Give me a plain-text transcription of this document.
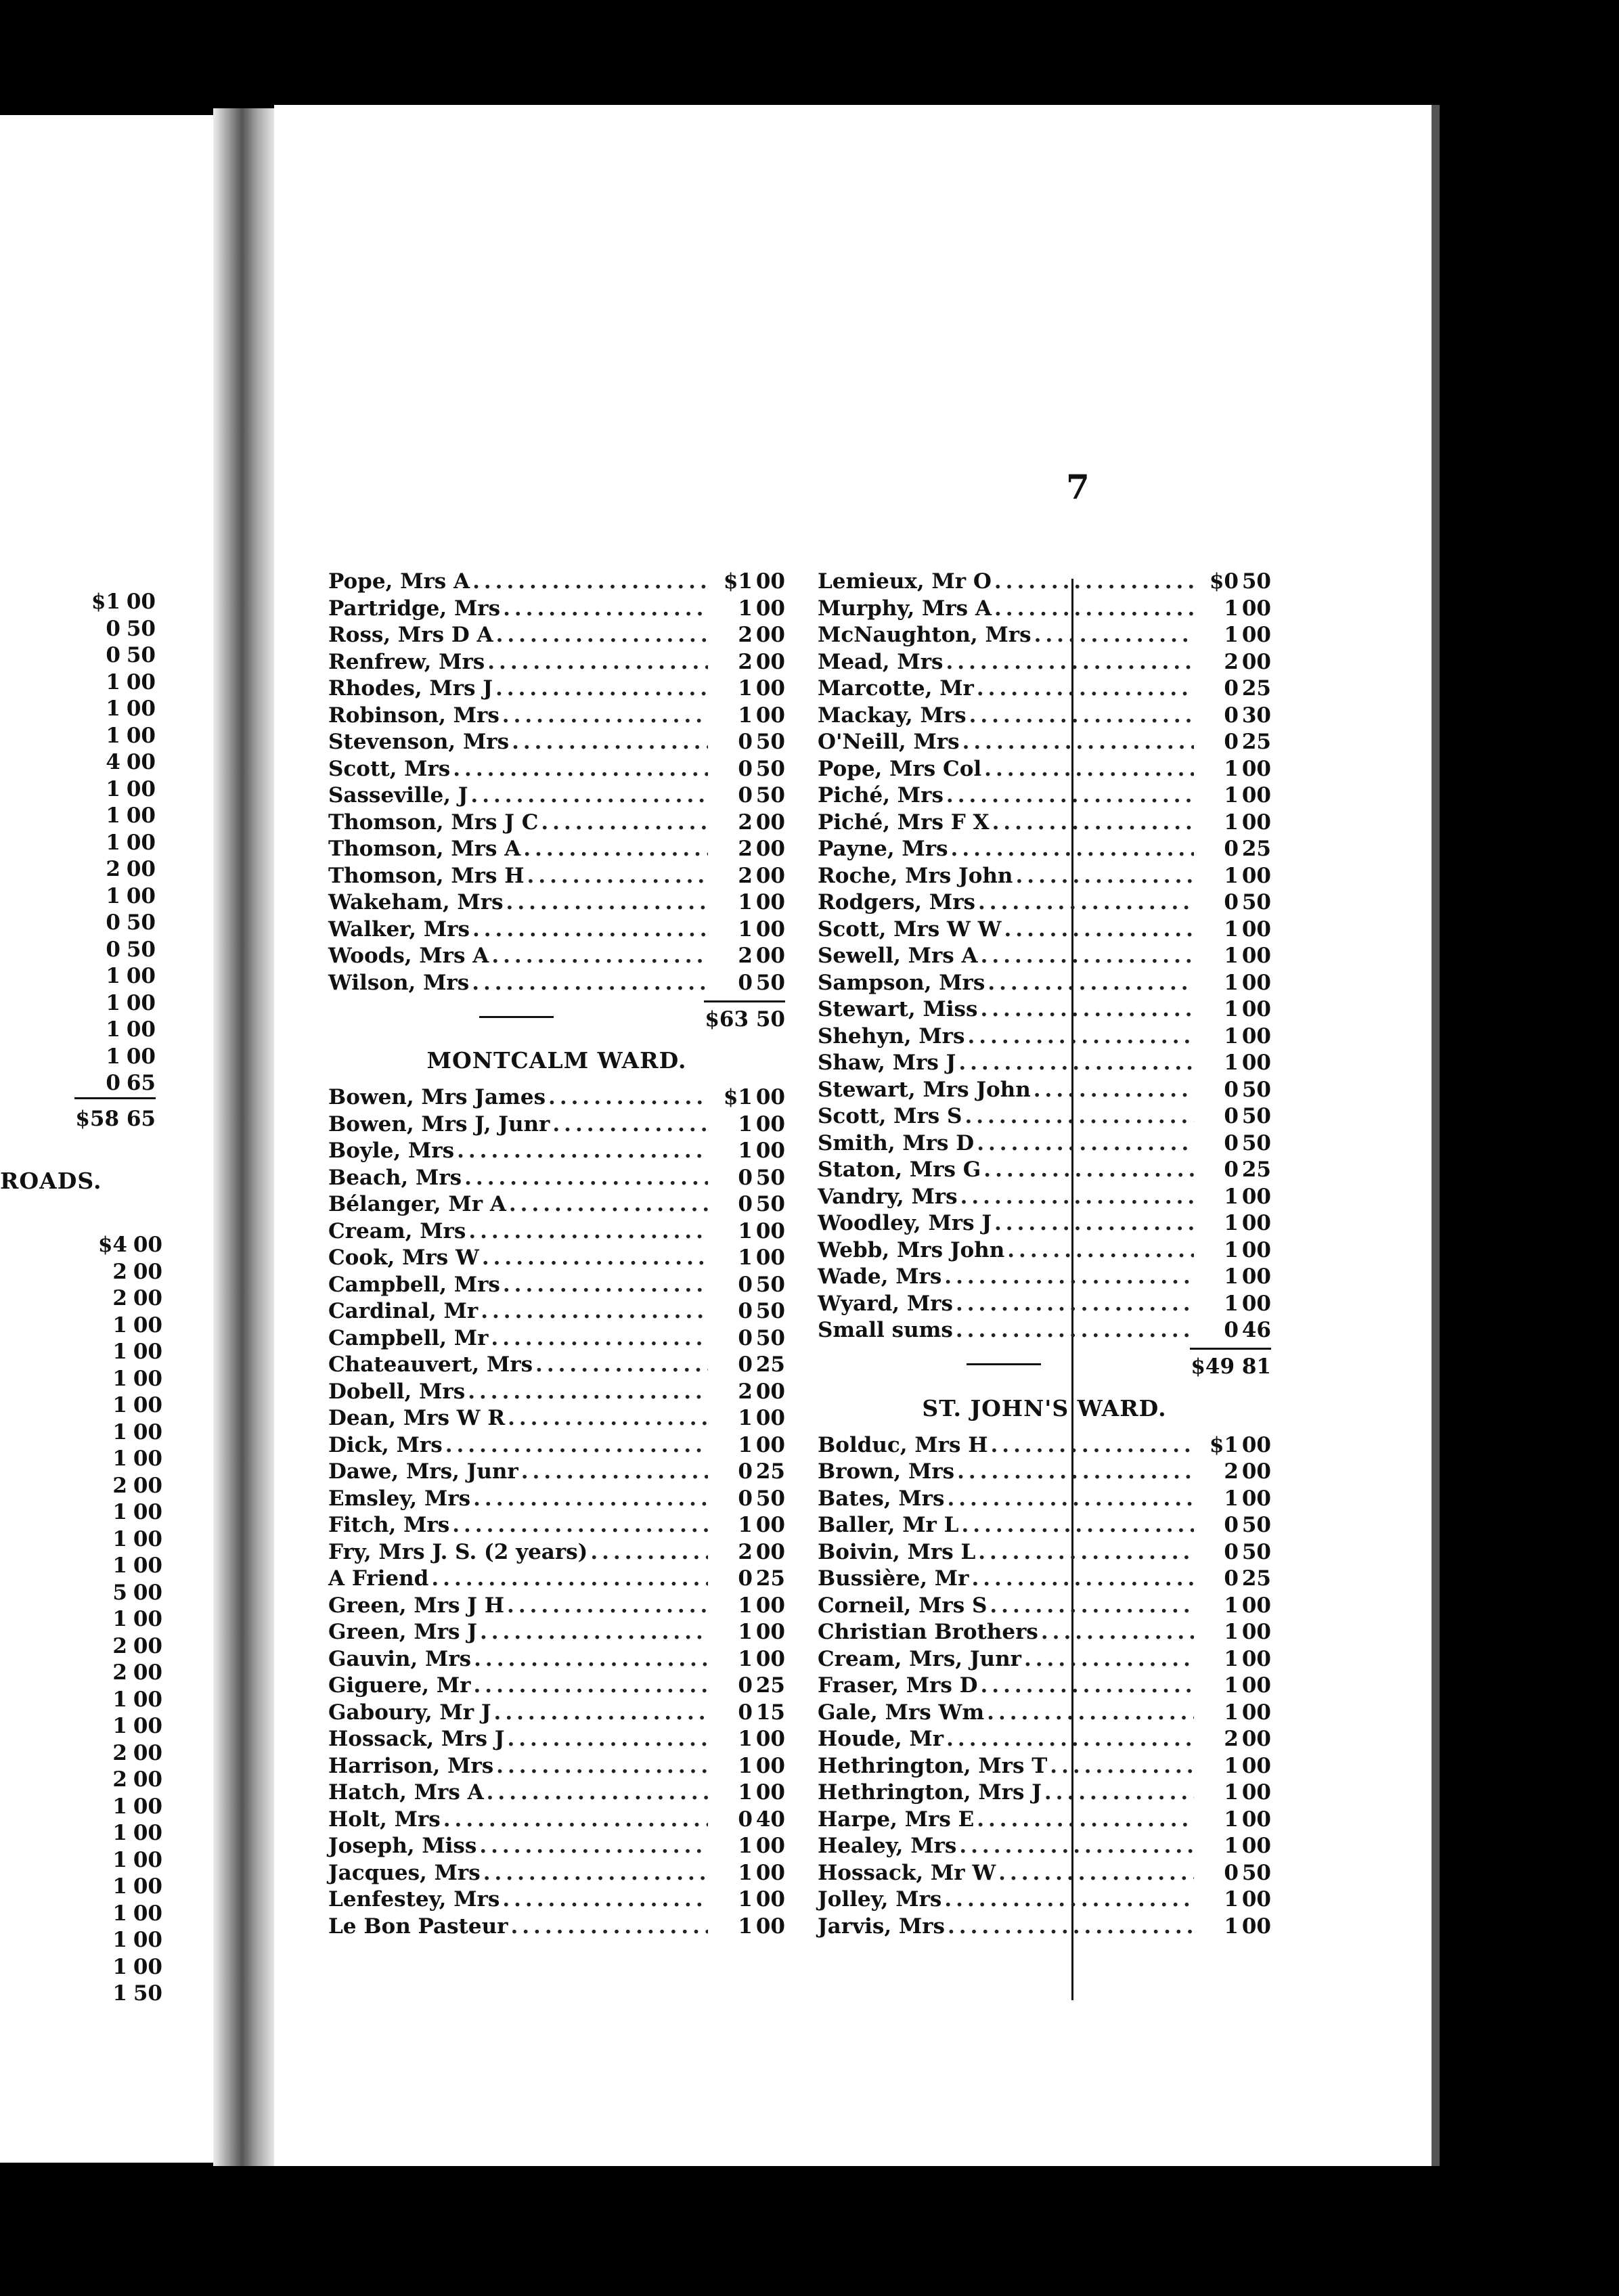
$1 00
0 50
0 50
1 00
1 00
1 00
4 00
1 00
1 00
1 00
2 00
1 00
0 50
0 50
1 00
1 00
1 00
1 00
0 65
$58 65
ROADS.
$4 00
2 00
2 00
1 00
1 00
1 00
1 00
1 00
1 00
2 00
1 00
1 00
1 00
5 00
1 00
2 00
2 00
1 00
1 00
2 00
2 00
1 00
1 00
1 00
1 00
1 00
1 00
1 00
1 50
7
Pope, Mrs A .....	$1 00
Partridge, Mrs .....	1 00
Ross, Mrs D A .....	2 00
Renfrew, Mrs .....	2 00
Rhodes, Mrs J .....	1 00
Robinson, Mrs .....	1 00
Stevenson, Mrs .....	0 50
Scott, Mrs .....	0 50
Sasseville, J .....	0 50
Thomson, Mrs J C .....	2 00
Thomson, Mrs A .....	2 00
Thomson, Mrs H .....	2 00
Wakeham, Mrs .....	1 00
Walker, Mrs .....	1 00
Woods, Mrs A .....	2 00
Wilson, Mrs .....	0 50
$63 50
MONTCALM WARD.
Bowen, Mrs James .....	$1 00
Bowen, Mrs J, Junr .....	1 00
Boyle, Mrs .....	1 00
Beach, Mrs .....	0 50
Bélanger, Mr A .....	0 50
Cream, Mrs .....	1 00
Cook, Mrs W .....	1 00
Campbell, Mrs .....	0 50
Cardinal, Mr .....	0 50
Campbell, Mr .....	0 50
Chateauvert, Mrs .....	0 25
Dobell, Mrs .....	2 00
Dean, Mrs W R .....	1 00
Dick, Mrs .....	1 00
Dawe, Mrs, Junr .....	0 25
Emsley, Mrs .....	0 50
Fitch, Mrs .....	1 00
Fry, Mrs J. S. (2 years) .....	2 00
A Friend .....	0 25
Green, Mrs J H .....	1 00
Green, Mrs J .....	1 00
Gauvin, Mrs .....	1 00
Giguere, Mr .....	0 25
Gaboury, Mr J .....	0 15
Hossack, Mrs J .....	1 00
Harrison, Mrs .....	1 00
Hatch, Mrs A .....	1 00
Holt, Mrs .....	0 40
Joseph, Miss .....	1 00
Jacques, Mrs .....	1 00
Lenfestey, Mrs .....	1 00
Le Bon Pasteur .....	1 00
Lemieux, Mr O .....	$0 50
Murphy, Mrs A .....	1 00
McNaughton, Mrs .....	1 00
Mead, Mrs .....	2 00
Marcotte, Mr .....	0 25
Mackay, Mrs .....	0 30
O'Neill, Mrs .....	0 25
Pope, Mrs Col .....	1 00
Piché, Mrs .....	1 00
Piché, Mrs F X .....	1 00
Payne, Mrs .....	0 25
Roche, Mrs John .....	1 00
Rodgers, Mrs .....	0 50
Scott, Mrs W W .....	1 00
Sewell, Mrs A .....	1 00
Sampson, Mrs .....	1 00
Stewart, Miss .....	1 00
Shehyn, Mrs .....	1 00
Shaw, Mrs J .....	1 00
Stewart, Mrs John .....	0 50
Scott, Mrs S .....	0 50
Smith, Mrs D .....	0 50
Staton, Mrs G .....	0 25
Vandry, Mrs .....	1 00
Woodley, Mrs J .....	1 00
Webb, Mrs John .....	1 00
Wade, Mrs .....	1 00
Wyard, Mrs .....	1 00
Small sums .....	0 46
$49 81
ST. JOHN'S WARD.
Bolduc, Mrs H .....	$1 00
Brown, Mrs .....	2 00
Bates, Mrs .....	1 00
Baller, Mr L .....	0 50
Boivin, Mrs L .....	0 50
Bussière, Mr .....	0 25
Corneil, Mrs S .....	1 00
Christian Brothers .....	1 00
Cream, Mrs, Junr .....	1 00
Fraser, Mrs D .....	1 00
Gale, Mrs Wm .....	1 00
Houde, Mr .....	2 00
Hethrington, Mrs T .....	1 00
Hethrington, Mrs J .....	1 00
Harpe, Mrs E .....	1 00
Healey, Mrs .....	1 00
Hossack, Mr W .....	0 50
Jolley, Mrs .....	1 00
Jarvis, Mrs .....	1 00
